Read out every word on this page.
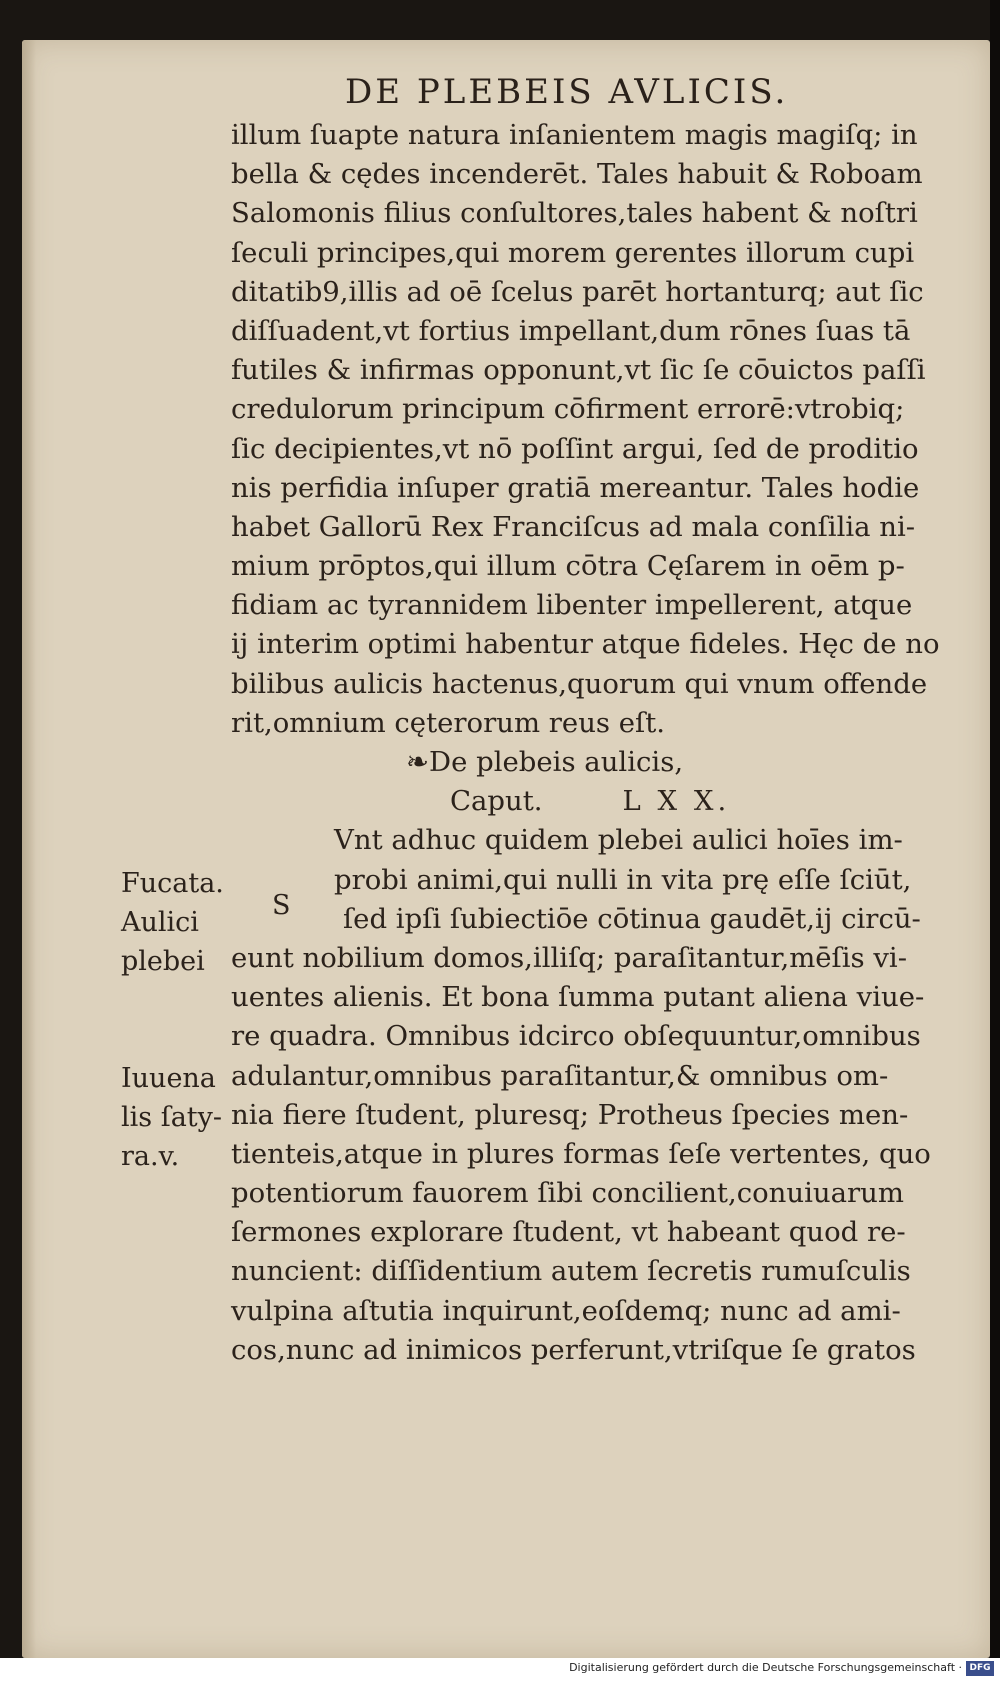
DE PLEBEIS AVLICIS.
illum ſuapte natura inſanientem magis magiſq; in
bella & cędes incenderēt. Tales habuit & Roboam
Salomonis filius conſultores,tales habent & noſtri
ſeculi principes,qui morem gerentes illorum cupi
ditatib9,illis ad oē ſcelus parēt hortanturq; aut ſic
diſſuadent,vt fortius impellant,dum rōnes ſuas tā
futiles & infirmas opponunt,vt ſic ſe cōuictos paſſi
credulorum principum cōfirment errorē:vtrobiq;
ſic decipientes,vt nō poſſint argui, ſed de proditio
nis perfidia inſuper gratiā mereantur. Tales hodie
habet Gallorū Rex Franciſcus ad mala conſilia ni-
mium prōptos,qui illum cōtra Cęſarem in oēm p-
fidiam ac tyrannidem libenter impellerent, atque
ij interim optimi habentur atque fideles. Hęc de no
bilibus aulicis hactenus,quorum qui vnum offende
rit,omnium cęterorum reus eſt.
❧De plebeis aulicis,
Caput.	L X X.
Vnt adhuc quidem plebei aulici hoīes im-
probi animi,qui nulli in vita prę eſſe ſciūt,
ſed ipſi ſubiectiōe cōtinua gaudēt,ij circū-
eunt nobilium domos,illiſq; paraſitantur,mēſis vi-
uentes alienis. Et bona ſumma putant aliena viue-
re quadra. Omnibus idcirco obſequuntur,omnibus
adulantur,omnibus paraſitantur,& omnibus om-
nia fiere ſtudent, pluresq; Protheus ſpecies men-
tienteis,atque in plures formas ſeſe vertentes, quo
potentiorum fauorem ſibi concilient,conuiuarum
ſermones explorare ſtudent, vt habeant quod re-
nuncient: diſſidentium autem ſecretis rumuſculis
vulpina aſtutia inquirunt,eoſdemq; nunc ad ami-
cos,nunc ad inimicos perferunt,vtriſque ſe gratos
S
Fucata.
Aulici
plebei
Iuuena
lis ſaty-
ra.v.
Digitalisierung gefördert durch die Deutsche Forschungsgemeinschaft · DFG
